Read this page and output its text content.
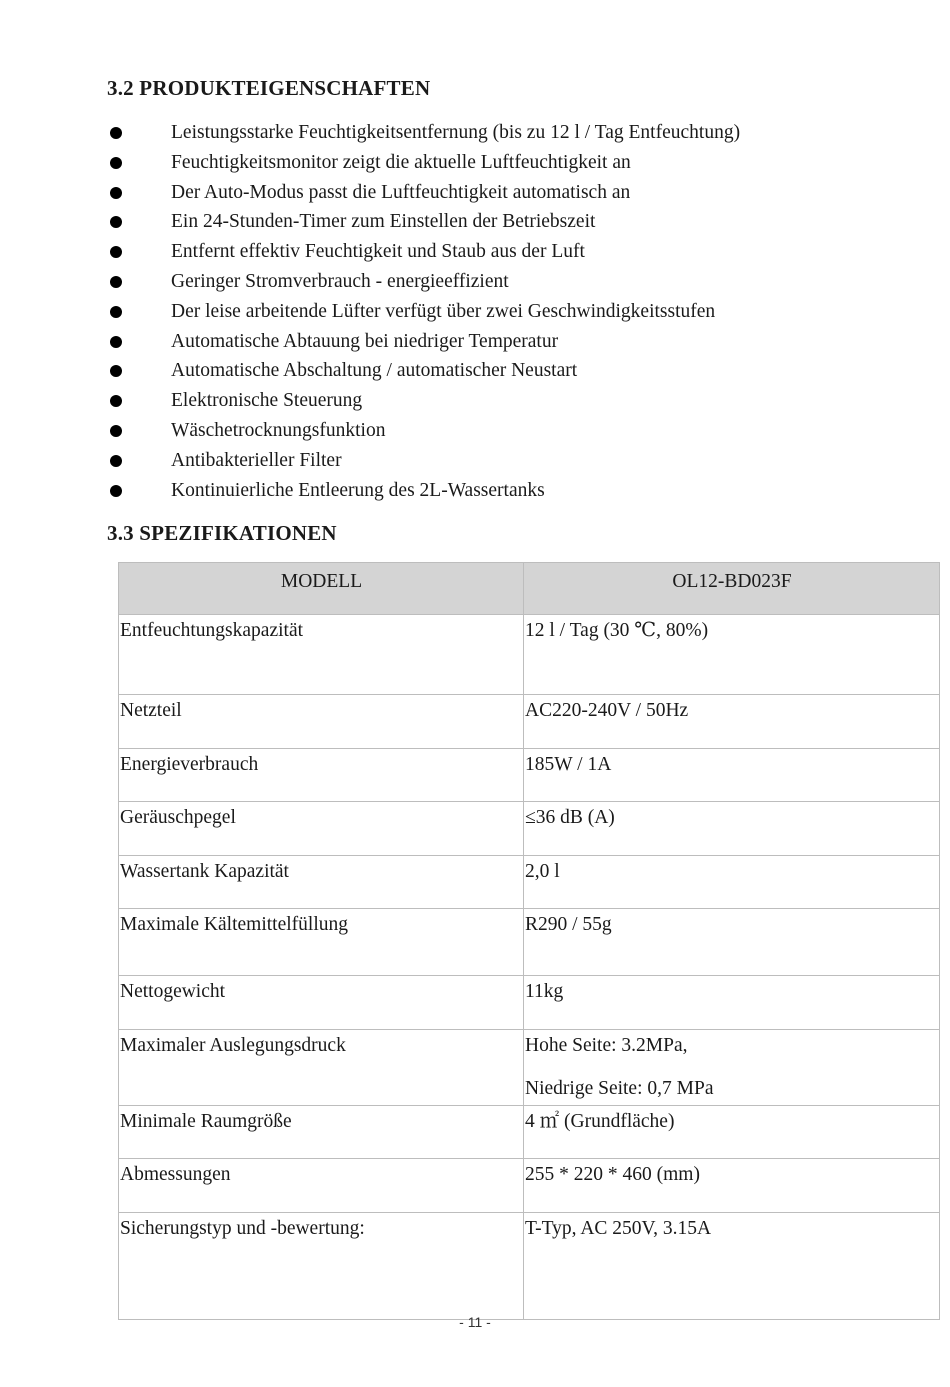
3.2 PRODUKTEIGENSCHAFTEN
Leistungsstarke Feuchtigkeitsentfernung (bis zu 12 l / Tag Entfeuchtung)
Feuchtigkeitsmonitor zeigt die aktuelle Luftfeuchtigkeit an
Der Auto-Modus passt die Luftfeuchtigkeit automatisch an
Ein 24-Stunden-Timer zum Einstellen der Betriebszeit
Entfernt effektiv Feuchtigkeit und Staub aus der Luft
Geringer Stromverbrauch - energieeffizient
Der leise arbeitende Lüfter verfügt über zwei Geschwindigkeitsstufen
Automatische Abtauung bei niedriger Temperatur
Automatische Abschaltung / automatischer Neustart
Elektronische Steuerung
Wäschetrocknungsfunktion
Antibakterieller Filter
Kontinuierliche Entleerung des 2L-Wassertanks
3.3 SPEZIFIKATIONEN
MODELL	OL12-BD023F
Entfeuchtungskapazität	12 l / Tag (30 ℃, 80%)
Netzteil	AC220-240V / 50Hz
Energieverbrauch	185W / 1A
Geräuschpegel	≤36 dB (A)
Wassertank Kapazität	2,0 l
Maximale Kältemittelfüllung	R290 / 55g
Nettogewicht	11kg
Maximaler Auslegungsdruck	Hohe Seite: 3.2MPa,
Niedrige Seite: 0,7 MPa

Minimale Raumgröße	4 ㎡ (Grundfläche)
Abmessungen	255 * 220 * 460 (mm)
Sicherungstyp und -bewertung:	T-Typ, AC 250V, 3.15A
- 11 -
